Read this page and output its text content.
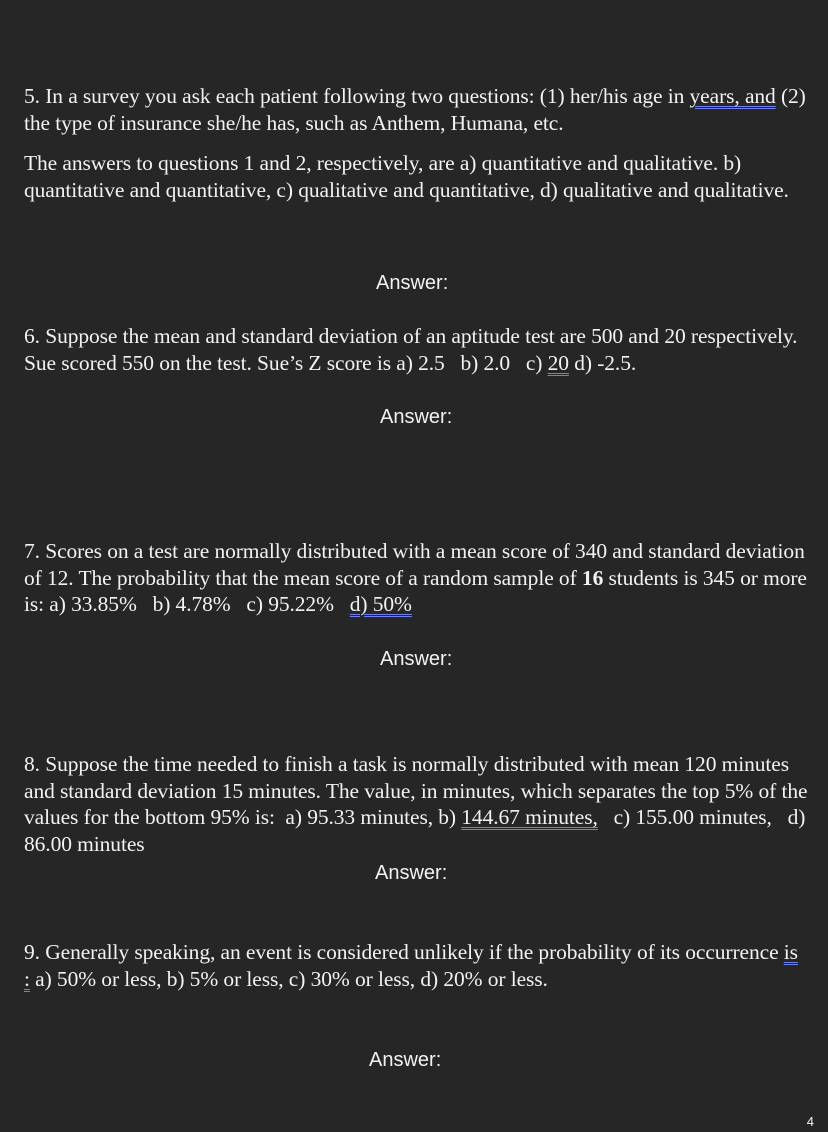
5. In a survey you ask each patient following two questions: (1) her/his age in years, and (2) the type of insurance she/he has, such as Anthem, Humana, etc.

The answers to questions 1 and 2, respectively, are a) quantitative and qualitative. b) quantitative and quantitative, c) qualitative and quantitative, d) qualitative and qualitative.

Answer:

6. Suppose the mean and standard deviation of an aptitude test are 500 and 20 respectively. Sue scored 550 on the test. Sue’s Z score is a) 2.5   b) 2.0   c) 20 d) -2.5.

Answer:

7. Scores on a test are normally distributed with a mean score of 340 and standard deviation of 12. The probability that the mean score of a random sample of 16 students is 345 or more is: a) 33.85%   b) 4.78%   c) 95.22%   d) 50%

Answer:

8. Suppose the time needed to finish a task is normally distributed with mean 120 minutes and standard deviation 15 minutes. The value, in minutes, which separates the top 5% of the values for the bottom 95% is:  a) 95.33 minutes, b) 144.67 minutes,   c) 155.00 minutes,   d) 86.00 minutes

Answer:

9. Generally speaking, an event is considered unlikely if the probability of its occurrence is : a) 50% or less, b) 5% or less, c) 30% or less, d) 20% or less.

Answer:
4
